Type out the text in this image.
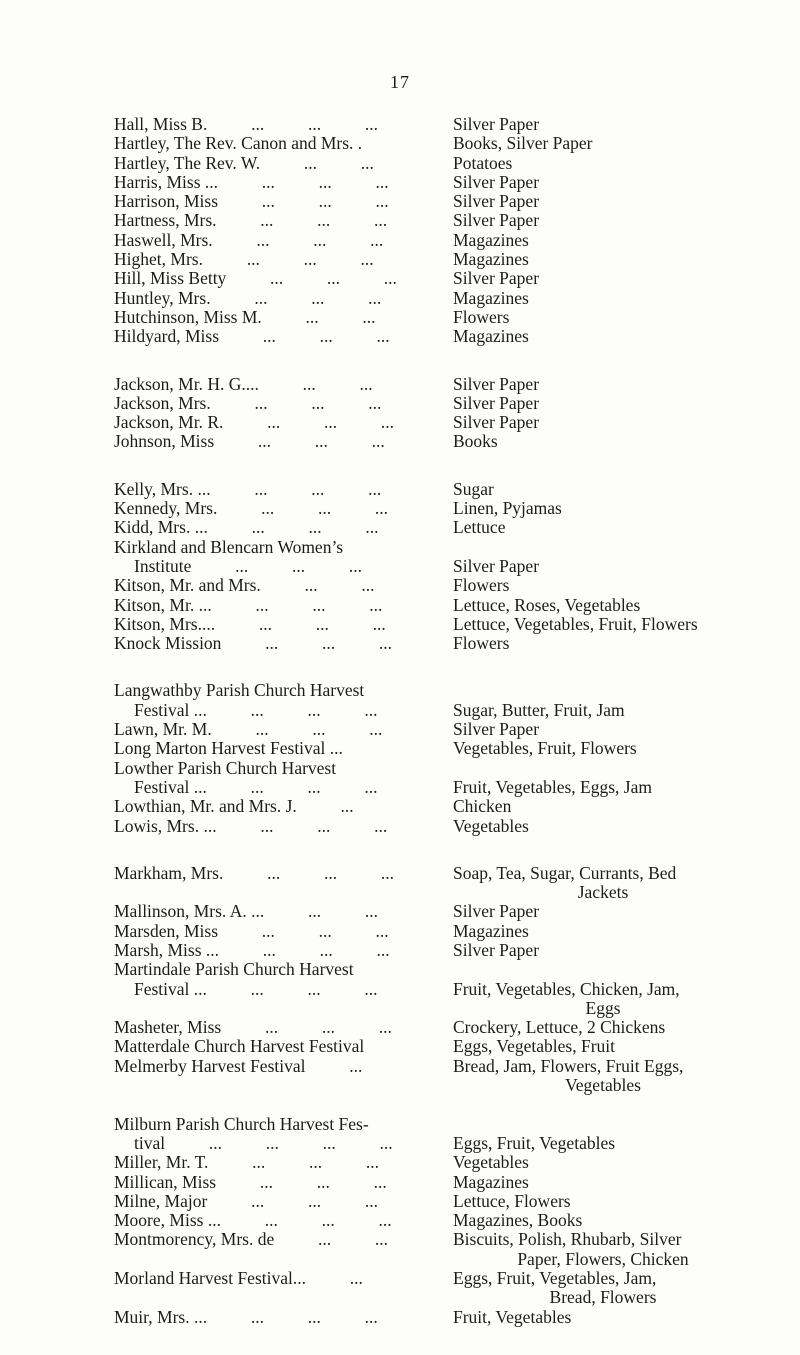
17
Hall, Miss B.          ...          ...          ...	Silver Paper
Hartley, The Rev. Canon and Mrs. .	Books, Silver Paper
Hartley, The Rev. W.          ...          ...	Potatoes
Harris, Miss ...          ...          ...          ...	Silver Paper
Harrison, Miss          ...          ...          ...	Silver Paper
Hartness, Mrs.          ...          ...          ...	Silver Paper
Haswell, Mrs.          ...          ...          ...	Magazines
Highet, Mrs.          ...          ...          ...	Magazines
Hill, Miss Betty          ...          ...          ...	Silver Paper
Huntley, Mrs.          ...          ...          ...	Magazines
Hutchinson, Miss M.          ...          ...	Flowers
Hildyard, Miss          ...          ...          ...	Magazines
Jackson, Mr. H. G....          ...          ...	Silver Paper
Jackson, Mrs.          ...          ...          ...	Silver Paper
Jackson, Mr. R.          ...          ...          ...	Silver Paper
Johnson, Miss          ...          ...          ...	Books
Kelly, Mrs. ...          ...          ...          ...	Sugar
Kennedy, Mrs.          ...          ...          ...	Linen, Pyjamas
Kidd, Mrs. ...          ...          ...          ...	Lettuce
Kirkland and Blencarn Women’s
Institute          ...          ...          ...	Silver Paper
Kitson, Mr. and Mrs.          ...          ...	Flowers
Kitson, Mr. ...          ...          ...          ...	Lettuce, Roses, Vegetables
Kitson, Mrs....          ...          ...          ...	Lettuce, Vegetables, Fruit, Flowers
Knock Mission          ...          ...          ...	Flowers
Langwathby Parish Church Harvest
Festival ...          ...          ...          ...	Sugar, Butter, Fruit, Jam
Lawn, Mr. M.          ...          ...          ...	Silver Paper
Long Marton Harvest Festival ...	Vegetables, Fruit, Flowers
Lowther Parish Church Harvest
Festival ...          ...          ...          ...	Fruit, Vegetables, Eggs, Jam
Lowthian, Mr. and Mrs. J.          ...	Chicken
Lowis, Mrs. ...          ...          ...          ...	Vegetables
Markham, Mrs.          ...          ...          ...	Soap, Tea, Sugar, Currants, Bed
Jackets
Mallinson, Mrs. A. ...          ...          ...	Silver Paper
Marsden, Miss          ...          ...          ...	Magazines
Marsh, Miss ...          ...          ...          ...	Silver Paper
Martindale Parish Church Harvest
Festival ...          ...          ...          ...	Fruit, Vegetables, Chicken, Jam,
Eggs
Masheter, Miss          ...          ...          ...	Crockery, Lettuce, 2 Chickens
Matterdale Church Harvest Festival	Eggs, Vegetables, Fruit
Melmerby Harvest Festival          ...	Bread, Jam, Flowers, Fruit Eggs,
Vegetables

Milburn Parish Church Harvest Fes-
tival          ...          ...          ...          ...	Eggs, Fruit, Vegetables
Miller, Mr. T.          ...          ...          ...	Vegetables
Millican, Miss          ...          ...          ...	Magazines
Milne, Major          ...          ...          ...	Lettuce, Flowers
Moore, Miss ...          ...          ...          ...	Magazines, Books
Montmorency, Mrs. de          ...          ...	Biscuits, Polish, Rhubarb, Silver
Paper, Flowers, Chicken
Morland Harvest Festival...          ...	Eggs, Fruit, Vegetables, Jam,
Bread, Flowers
Muir, Mrs. ...          ...          ...          ...	Fruit, Vegetables
